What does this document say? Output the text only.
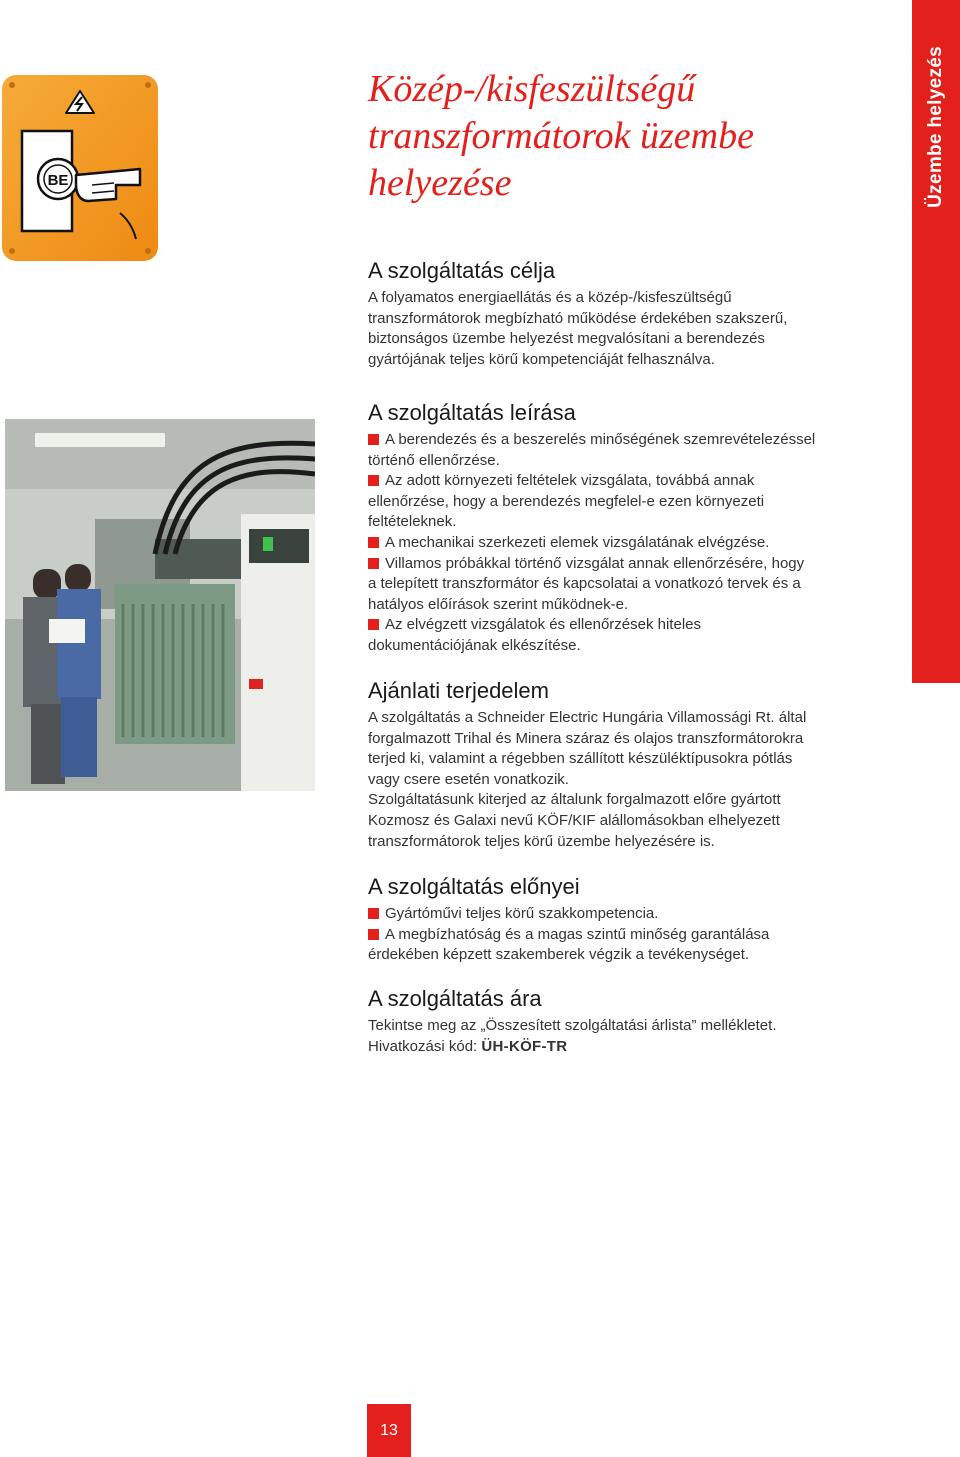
Üzembe helyezés
BE
Közép-/kisfeszültségű
transzformátorok üzembe
helyezése
A szolgáltatás célja

A folyamatos energiaellátás és a közép-/kisfeszültségű
transzformátorok megbízható működése érdekében szakszerű,
biztonságos üzembe helyezést megvalósítani a berendezés
gyártójának teljes körű kompetenciáját felhasználva.

A szolgáltatás leírása

A berendezés és a beszerelés minőségének szemrevételezéssel
történő ellenőrzése.

Az adott környezeti feltételek vizsgálata, továbbá annak
ellenőrzése, hogy a berendezés megfelel-e ezen környezeti
feltételeknek.

A mechanikai szerkezeti elemek vizsgálatának elvégzése.

Villamos próbákkal történő vizsgálat annak ellenőrzésére, hogy
a telepített transzformátor és kapcsolatai a vonatkozó tervek és a
hatályos előírások szerint működnek-e.

Az elvégzett vizsgálatok és ellenőrzések hiteles
dokumentációjának elkészítése.

Ajánlati terjedelem

A szolgáltatás a Schneider Electric Hungária Villamossági Rt. által
forgalmazott Trihal és Minera száraz és olajos transzformátorokra
terjed ki, valamint a régebben szállított készüléktípusokra pótlás
vagy csere esetén vonatkozik.
Szolgáltatásunk kiterjed az általunk forgalmazott előre gyártott
Kozmosz és Galaxi nevű KÖF/KIF alállomásokban elhelyezett
transzformátorok teljes körű üzembe helyezésére is.

A szolgáltatás előnyei

Gyártóművi teljes körű szakkompetencia.

A megbízhatóság és a magas szintű minőség garantálása
érdekében képzett szakemberek végzik a tevékenységet.

A szolgáltatás ára

Tekintse meg az „Összesített szolgáltatási árlista” mellékletet.
Hivatkozási kód: ÜH-KÖF-TR

13
